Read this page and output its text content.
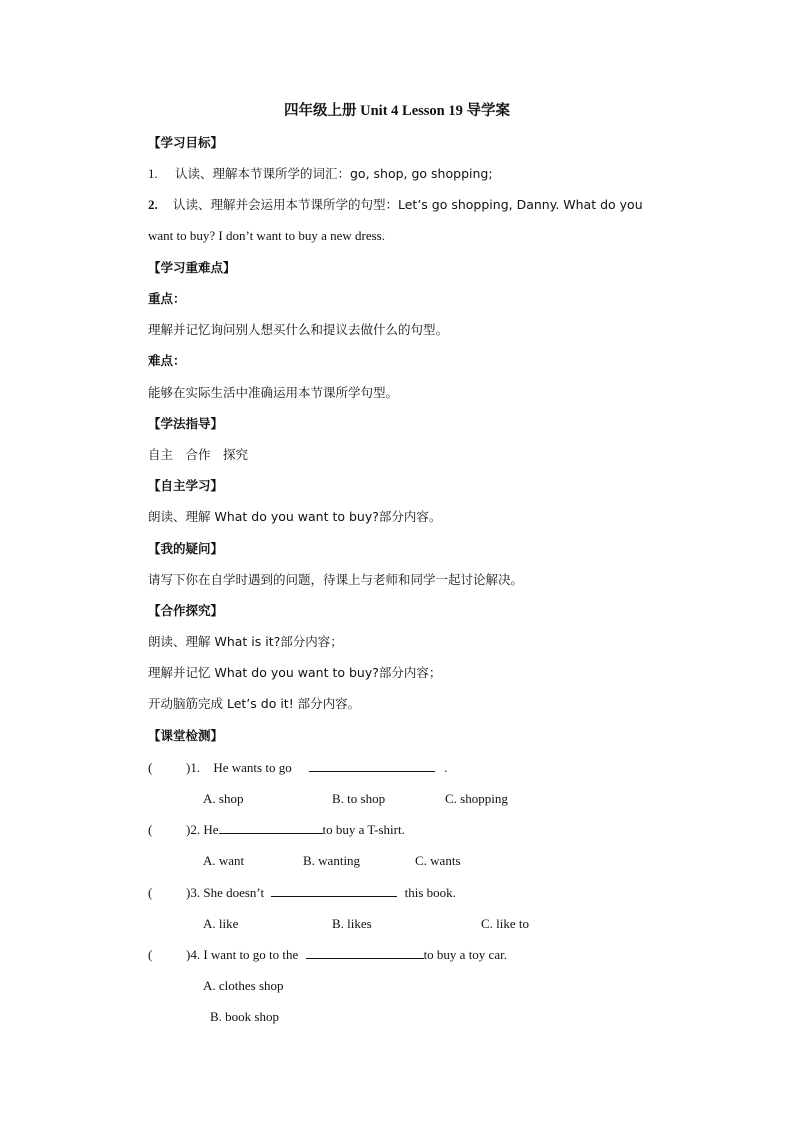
四年级上册 Unit 4 Lesson 19 导学案
【学习目标】
1. 认读、理解本节课所学的词汇：go, shop, go shopping;
2. 认读、理解并会运用本节课所学的句型：Let’s go shopping, Danny. What do you
want to buy? I don’t want to buy a new dress.
【学习重难点】
重点：
理解并记忆询问别人想买什么和提议去做什么的句型。
难点：
能够在实际生活中准确运用本节课所学句型。
【学法指导】
自主　合作　探究
【自主学习】
朗读、理解 What do you want to buy?部分内容。
【我的疑问】
请写下你在自学时遇到的问题，待课上与老师和同学一起讨论解决。
【合作探究】
朗读、理解 What is it?部分内容；
理解并记忆 What do you want to buy?部分内容；
开动脑筋完成 Let’s do it! 部分内容。
【课堂检测】
(	)1. He wants to go	.
A. shop	B. to shop	C. shopping
(	)2. He	to buy a T-shirt.
A. want	B. wanting	C. wants
(	)3. She doesn’t	this book.
A. like	B. likes	C. like to
(	)4. I want to go to the	to buy a toy car.
A. clothes shop
B. book shop
